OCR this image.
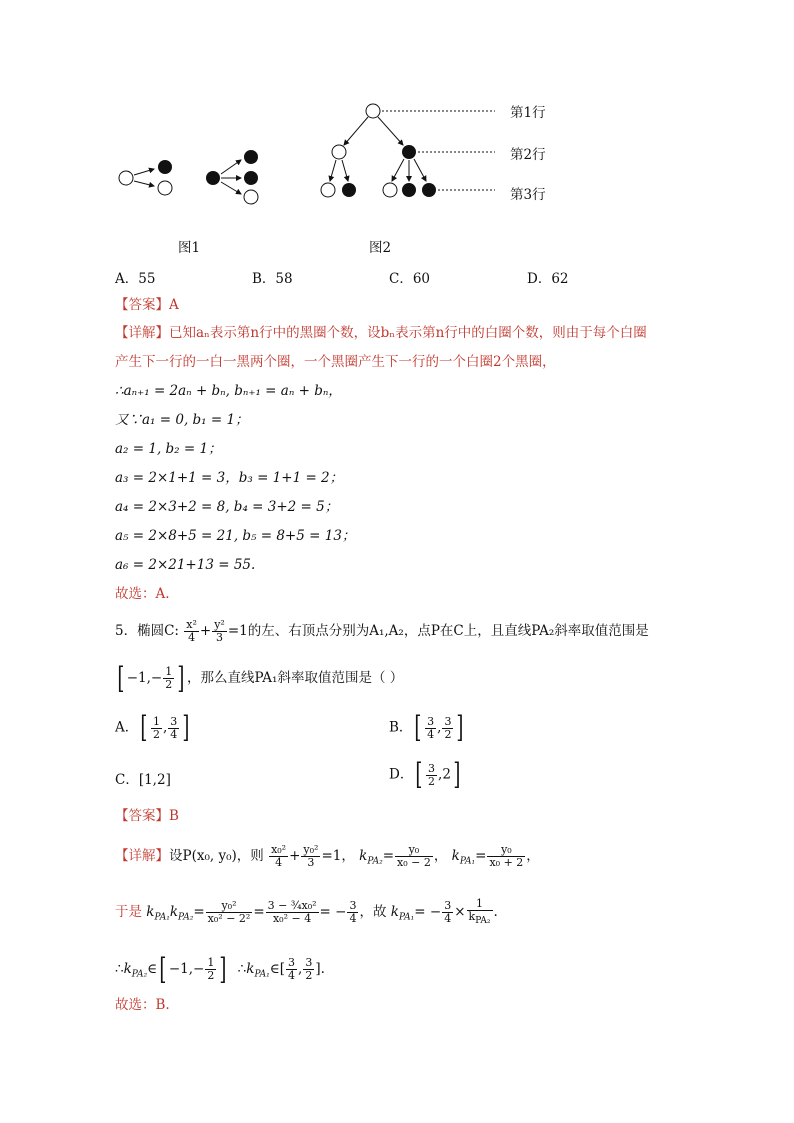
第1行
第2行
第3行
图1	图2
A．55	B．58	C．60	D．62
【答案】A
【详解】已知aₙ表示第n行中的黑圈个数，设bₙ表示第n行中的白圈个数，则由于每个白圈
产生下一行的一白一黑两个圈，一个黑圈产生下一行的一个白圈2个黑圈，
∴aₙ₊₁ = 2aₙ + bₙ, bₙ₊₁ = aₙ + bₙ，
又∵a₁ = 0, b₁ = 1；
a₂ = 1, b₂ = 1；
a₃ = 2×1+1 = 3，b₃ = 1+1 = 2；
a₄ = 2×3+2 = 8, b₄ = 3+2 = 5；
a₅ = 2×8+5 = 21, b₅ = 8+5 = 13；
a₆ = 2×21+13 = 55.
故选：A.
5．椭圆C: $\frac{\text{x²}}{4} + \frac{\text{y²}}{3} =1$的左、右顶点分别为A₁,A₂，点P在C上，且直线PA₂斜率取值范围是
[ $-1,- \frac{1}{2}$ ] ，那么直线PA₁斜率取值范围是（ ）
A．[ $\frac{1}{2}$ , $\frac{3}{4}$ ]	B．[ $\frac{3}{4}$ , $\frac{3}{2}$ ]
C．[1,2]	D．[ $\frac{3}{2} ,2$]
【答案】B
【详解】设P(x₀, y₀)，则 $\frac{\text{x₀²}}{4} + \frac{\text{y₀²}}{3} =1$， $k_{PA_2}= \frac{\text{y₀}}{\text{x₀ − 2}}$ ， $k_{PA_1}= \frac{\text{y₀}}{\text{x₀ + 2}}$ ，
于是 $k_{PA_1}k_{PA_2}= \frac{\text{y₀²}}{\text{x₀² − 2²}} = \frac{\text{3 − ¾x₀²}}{\text{x₀² − 4}}$ = − $\frac{3}{4}$ ，故 $k_{PA_1}= - \frac{3}{4} \times \frac{1}{k_{PA_2}}$ .
$\therefore k_{PA_2}\in[ -1,- \frac{1}{2}$ ]  $\therefore k_{PA_1}\in[ \frac{3}{4}$ , $\frac{3}{2}$ ].
故选：B.
